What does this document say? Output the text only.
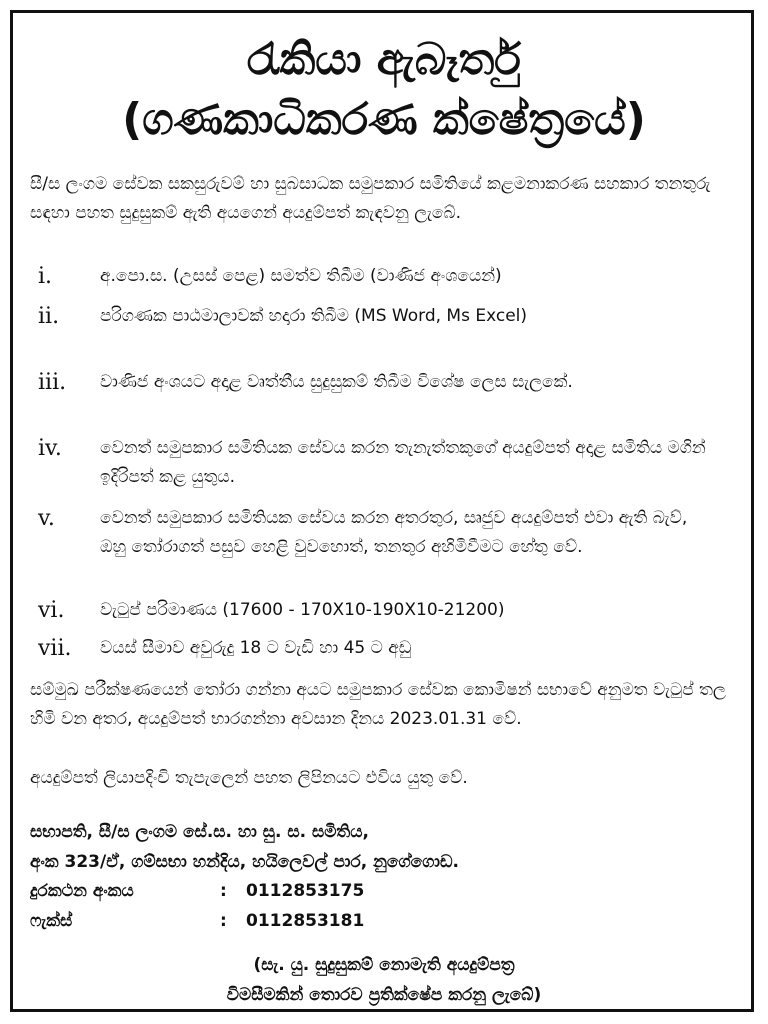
රැකියා ඇබෑර්තු
(ගණකාධිකරණ ක්ෂේත්‍රයේ)
සී/ස ලංගම සේවක සකසුරුවම් හා සුබසාධක සමුපකාර සමිතියේ කළමනාකරණ සහකාර තනතුරු සඳහා පහත සුදුසුකම් ඇති අයගෙන් අයදුම්පත් කැඳවනු ලැබේ.
i.	අ.පො.ස. (උසස් පෙළ) සමත්ව තිබීම (වාණිජ අංශයෙන්)
ii. පරිගණක පාඨමාලාවක් හදාරා තිබීම (MS Word, Ms Excel)
iii. වාණිජ අංශයට අදාළ වෘත්තීය සුදුසුකම් තිබීම විශේෂ ලෙස සැලකේ.
iv. වෙනත් සමුපකාර සමිතියක සේවය කරන තැනැත්තකුගේ අයදුම්පත් අදාළ සමිතිය මගින් ඉදිරිපත් කළ යුතුය.
v.	වෙනත් සමුපකාර සමිතියක සේවය කරන අතරතුර, සෘජුව අයදුම්පත් එවා ඇති බැව්, ඔහු තෝරාගත් පසුව හෙළි වුවහොත්, තනතුර අහිමිවීමට හේතු වේ.
vi. වැටුප් පරිමාණය (17600 - 170X10-190X10-21200)
vii. වයස් සීමාව අවුරුදු 18 ට වැඩි හා 45 ට අඩු
සම්මුඛ පරීක්ෂණයෙන් තෝරා ගන්නා අයට සමුපකාර සේවක කොමිෂන් සභාවේ අනුමත වැටුප් තල හිමි වන අතර, අයදුම්පත් භාරගන්නා අවසාන දිනය 2023.01.31 වේ.
අයදුම්පත් ලියාපදිංචි තැපැලෙන් පහත ලිපිනයට එවිය යුතු වේ.
සභාපති, සී/ස ලංගම සේ.ස. හා සු. ස. සමිතිය,
අංක 323/ඒ, ගම්සභා හන්දිය, හයිලෙවල් පාර, නුගේගොඩ.
දුරකථන අංකය	: 0112853175
ෆැක්ස්	: 0112853181
(සැ. යු. සුදුසුකම් නොමැති අයදුම්පත්‍ර
විමසීමකින් තොරව ප්‍රතික්ෂේප කරනු ලැබේ)
